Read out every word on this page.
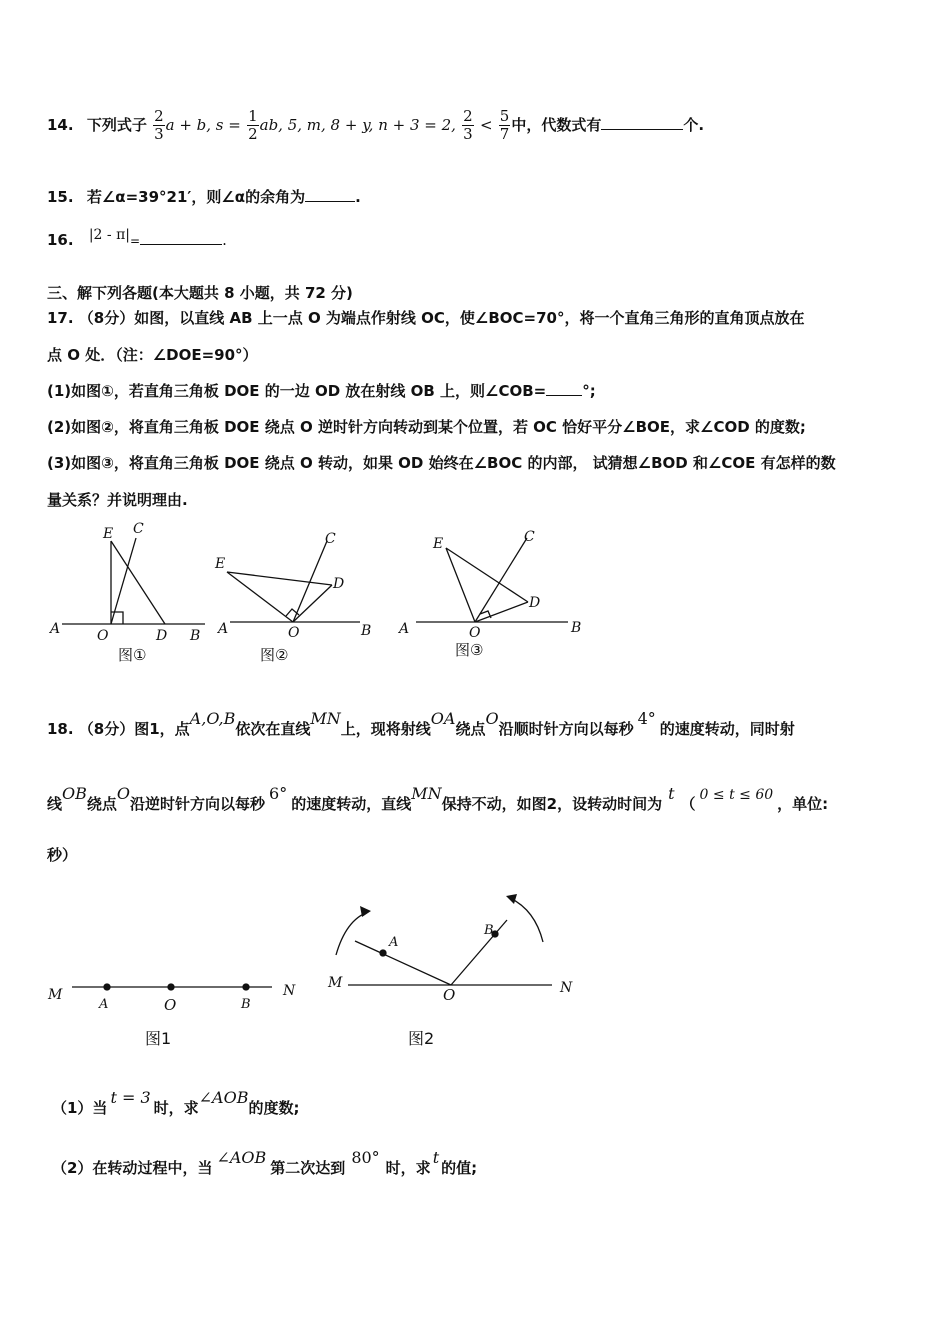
14. 下列式子 $\frac{2}{3}$ a + b, $s = \frac{1}{2}$ ab, 5, m, 8 + y, n + 3 = 2, $\frac{2}{3} < \frac{5}{7}$ 中，代数式有	个.
15. 若∠α=39°21′，则∠α的余角为	.
16. |2 - π|=	.
三、解下列各题(本大题共 8 小题，共 72 分)
17. （8分）如图，以直线 AB 上一点 O 为端点作射线 OC，使∠BOC=70°，将一个直角三角形的直角顶点放在
点 O 处．（注：∠DOE=90°）
(1)如图①，若直角三角板 DOE 的一边 OD 放在射线 OB 上，则∠COB= °;
(2)如图②，将直角三角板 DOE 绕点 O 逆时针方向转动到某个位置，若 OC 恰好平分∠BOE，求∠COD 的度数;
(3)如图③，将直角三角板 DOE 绕点 O 转动，如果 OD 始终在∠BOC 的内部， 试猜想∠BOD 和∠COE 有怎样的数
量关系？并说明理由.
A
E C
O	D B
图①
E
C
D
A	O	B
图②
E	C
D
A	O	B
图③
18. （8分）图1，点A,O,B依次在直线MN上，现将射线OA绕点O沿顺时针方向以每秒4°的速度转动，同时射
线OB绕点O沿逆时针方向以每秒6°的速度转动，直线MN保持不动，如图2，设转动时间为t（ 0 ≤ t ≤ 60 ，单位:
秒）
M
A	O	B
N
图1
M
A
O
B
N
图2
（1）当t = 3时，求∠AOB的度数;
（2）在转动过程中，当∠AOB第二次达到80°时，求t的值;
